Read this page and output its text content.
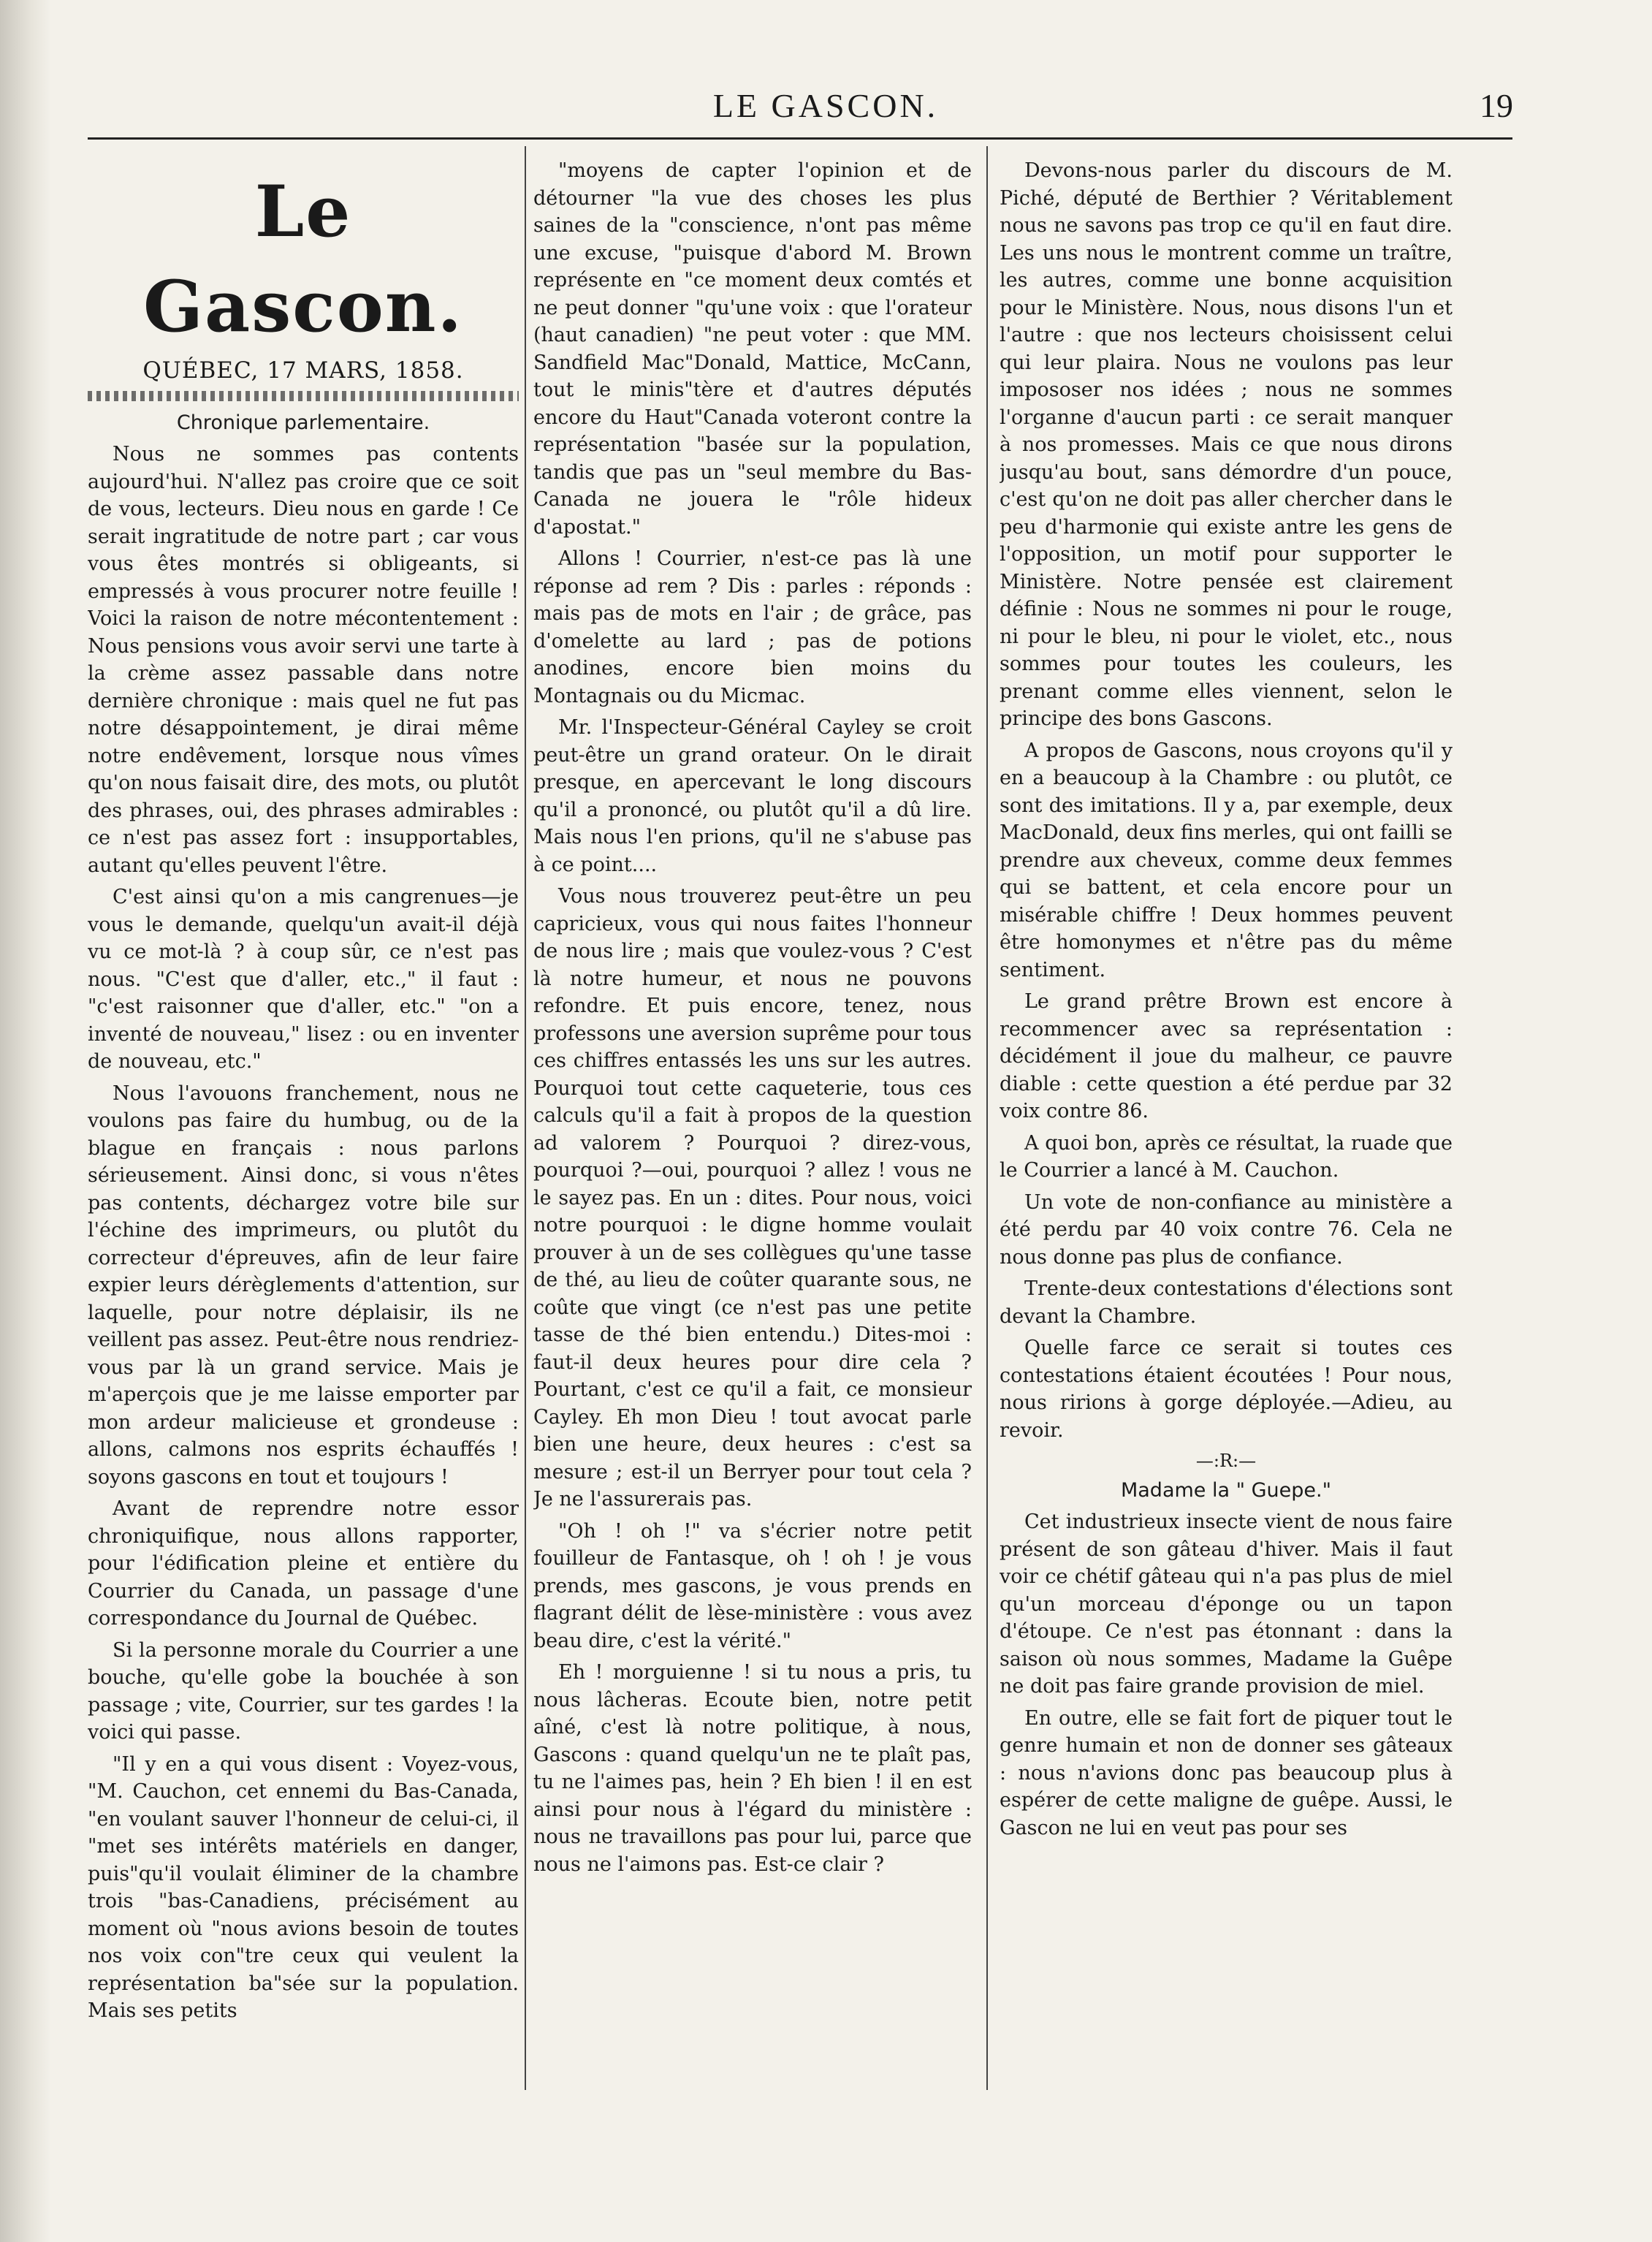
LE GASCON.	19
Le Gascon.
QUÉBEC, 17 MARS, 1858.
Chronique parlementaire.

Nous ne sommes pas contents aujourd'hui. N'allez pas croire que ce soit de vous, lecteurs. Dieu nous en garde ! Ce serait ingratitude de notre part ; car vous vous êtes montrés si obligeants, si empressés à vous procurer notre feuille ! Voici la raison de notre mécontentement : Nous pensions vous avoir servi une tarte à la crème assez passable dans notre dernière chronique : mais quel ne fut pas notre désappointement, je dirai même notre endêvement, lorsque nous vîmes qu'on nous faisait dire, des mots, ou plutôt des phrases, oui, des phrases admirables : ce n'est pas assez fort : insupportables, autant qu'elles peuvent l'être.

C'est ainsi qu'on a mis cangrenues—je vous le demande, quelqu'un avait-il déjà vu ce mot-là ? à coup sûr, ce n'est pas nous. "C'est que d'aller, etc.," il faut : "c'est raisonner que d'aller, etc." "on a inventé de nouveau," lisez : ou en inventer de nouveau, etc."

Nous l'avouons franchement, nous ne voulons pas faire du humbug, ou de la blague en français : nous parlons sérieusement. Ainsi donc, si vous n'êtes pas contents, déchargez votre bile sur l'échine des imprimeurs, ou plutôt du correcteur d'épreuves, afin de leur faire expier leurs dérèglements d'attention, sur laquelle, pour notre déplaisir, ils ne veillent pas assez. Peut-être nous rendriez-vous par là un grand service. Mais je m'aperçois que je me laisse emporter par mon ardeur malicieuse et grondeuse : allons, calmons nos esprits échauffés ! soyons gascons en tout et toujours !

Avant de reprendre notre essor chroniquifique, nous allons rapporter, pour l'édification pleine et entière du Courrier du Canada, un passage d'une correspondance du Journal de Québec.

Si la personne morale du Courrier a une bouche, qu'elle gobe la bouchée à son passage ; vite, Courrier, sur tes gardes ! la voici qui passe.

"Il y en a qui vous disent : Voyez-vous, "M. Cauchon, cet ennemi du Bas-Canada, "en voulant sauver l'honneur de celui-ci, il "met ses intérêts matériels en danger, puis"qu'il voulait éliminer de la chambre trois "bas-Canadiens, précisément au moment où "nous avions besoin de toutes nos voix con"tre ceux qui veulent la représentation ba"sée sur la population. Mais ses petits

"moyens de capter l'opinion et de détourner "la vue des choses les plus saines de la "conscience, n'ont pas même une excuse, "puisque d'abord M. Brown représente en "ce moment deux comtés et ne peut donner "qu'une voix : que l'orateur (haut canadien) "ne peut voter : que MM. Sandfield Mac"Donald, Mattice, McCann, tout le minis"tère et d'autres députés encore du Haut"Canada voteront contre la représentation "basée sur la population, tandis que pas un "seul membre du Bas-Canada ne jouera le "rôle hideux d'apostat."

Allons ! Courrier, n'est-ce pas là une réponse ad rem ? Dis : parles : réponds : mais pas de mots en l'air ; de grâce, pas d'omelette au lard ; pas de potions anodines, encore bien moins du Montagnais ou du Micmac.

Mr. l'Inspecteur-Général Cayley se croit peut-être un grand orateur. On le dirait presque, en apercevant le long discours qu'il a prononcé, ou plutôt qu'il a dû lire. Mais nous l'en prions, qu'il ne s'abuse pas à ce point....

Vous nous trouverez peut-être un peu capricieux, vous qui nous faites l'honneur de nous lire ; mais que voulez-vous ? C'est là notre humeur, et nous ne pouvons refondre. Et puis encore, tenez, nous professons une aversion suprême pour tous ces chiffres entassés les uns sur les autres. Pourquoi tout cette caqueterie, tous ces calculs qu'il a fait à propos de la question ad valorem ? Pourquoi ? direz-vous, pourquoi ?—oui, pourquoi ? allez ! vous ne le sayez pas. En un : dites. Pour nous, voici notre pourquoi : le digne homme voulait prouver à un de ses collègues qu'une tasse de thé, au lieu de coûter quarante sous, ne coûte que vingt (ce n'est pas une petite tasse de thé bien entendu.) Dites-moi : faut-il deux heures pour dire cela ? Pourtant, c'est ce qu'il a fait, ce monsieur Cayley. Eh mon Dieu ! tout avocat parle bien une heure, deux heures : c'est sa mesure ; est-il un Berryer pour tout cela ? Je ne l'assurerais pas.

"Oh ! oh !" va s'écrier notre petit fouilleur de Fantasque, oh ! oh ! je vous prends, mes gascons, je vous prends en flagrant délit de lèse-ministère : vous avez beau dire, c'est la vérité."

Eh ! morguienne ! si tu nous a pris, tu nous lâcheras. Ecoute bien, notre petit aîné, c'est là notre politique, à nous, Gascons : quand quelqu'un ne te plaît pas, tu ne l'aimes pas, hein ? Eh bien ! il en est ainsi pour nous à l'égard du ministère : nous ne travaillons pas pour lui, parce que nous ne l'aimons pas. Est-ce clair ?

Devons-nous parler du discours de M. Piché, député de Berthier ? Véritablement nous ne savons pas trop ce qu'il en faut dire. Les uns nous le montrent comme un traître, les autres, comme une bonne acquisition pour le Ministère. Nous, nous disons l'un et l'autre : que nos lecteurs choisissent celui qui leur plaira. Nous ne voulons pas leur impososer nos idées ; nous ne sommes l'organne d'aucun parti : ce serait manquer à nos promesses. Mais ce que nous dirons jusqu'au bout, sans démordre d'un pouce, c'est qu'on ne doit pas aller chercher dans le peu d'harmonie qui existe antre les gens de l'opposition, un motif pour supporter le Ministère. Notre pensée est clairement définie : Nous ne sommes ni pour le rouge, ni pour le bleu, ni pour le violet, etc., nous sommes pour toutes les couleurs, les prenant comme elles viennent, selon le principe des bons Gascons.

A propos de Gascons, nous croyons qu'il y en a beaucoup à la Chambre : ou plutôt, ce sont des imitations. Il y a, par exemple, deux MacDonald, deux fins merles, qui ont failli se prendre aux cheveux, comme deux femmes qui se battent, et cela encore pour un misérable chiffre ! Deux hommes peuvent être homonymes et n'être pas du même sentiment.

Le grand prêtre Brown est encore à recommencer avec sa représentation : décidément il joue du malheur, ce pauvre diable : cette question a été perdue par 32 voix contre 86.

A quoi bon, après ce résultat, la ruade que le Courrier a lancé à M. Cauchon.

Un vote de non-confiance au ministère a été perdu par 40 voix contre 76. Cela ne nous donne pas plus de confiance.

Trente-deux contestations d'élections sont devant la Chambre.

Quelle farce ce serait si toutes ces contestations étaient écoutées ! Pour nous, nous ririons à gorge déployée.—Adieu, au revoir.

—:R:—
Madame la " Guepe."

Cet industrieux insecte vient de nous faire présent de son gâteau d'hiver. Mais il faut voir ce chétif gâteau qui n'a pas plus de miel qu'un morceau d'éponge ou un tapon d'étoupe. Ce n'est pas étonnant : dans la saison où nous sommes, Madame la Guêpe ne doit pas faire grande provision de miel.

En outre, elle se fait fort de piquer tout le genre humain et non de donner ses gâteaux : nous n'avions donc pas beaucoup plus à espérer de cette maligne de guêpe. Aussi, le Gascon ne lui en veut pas pour ses
